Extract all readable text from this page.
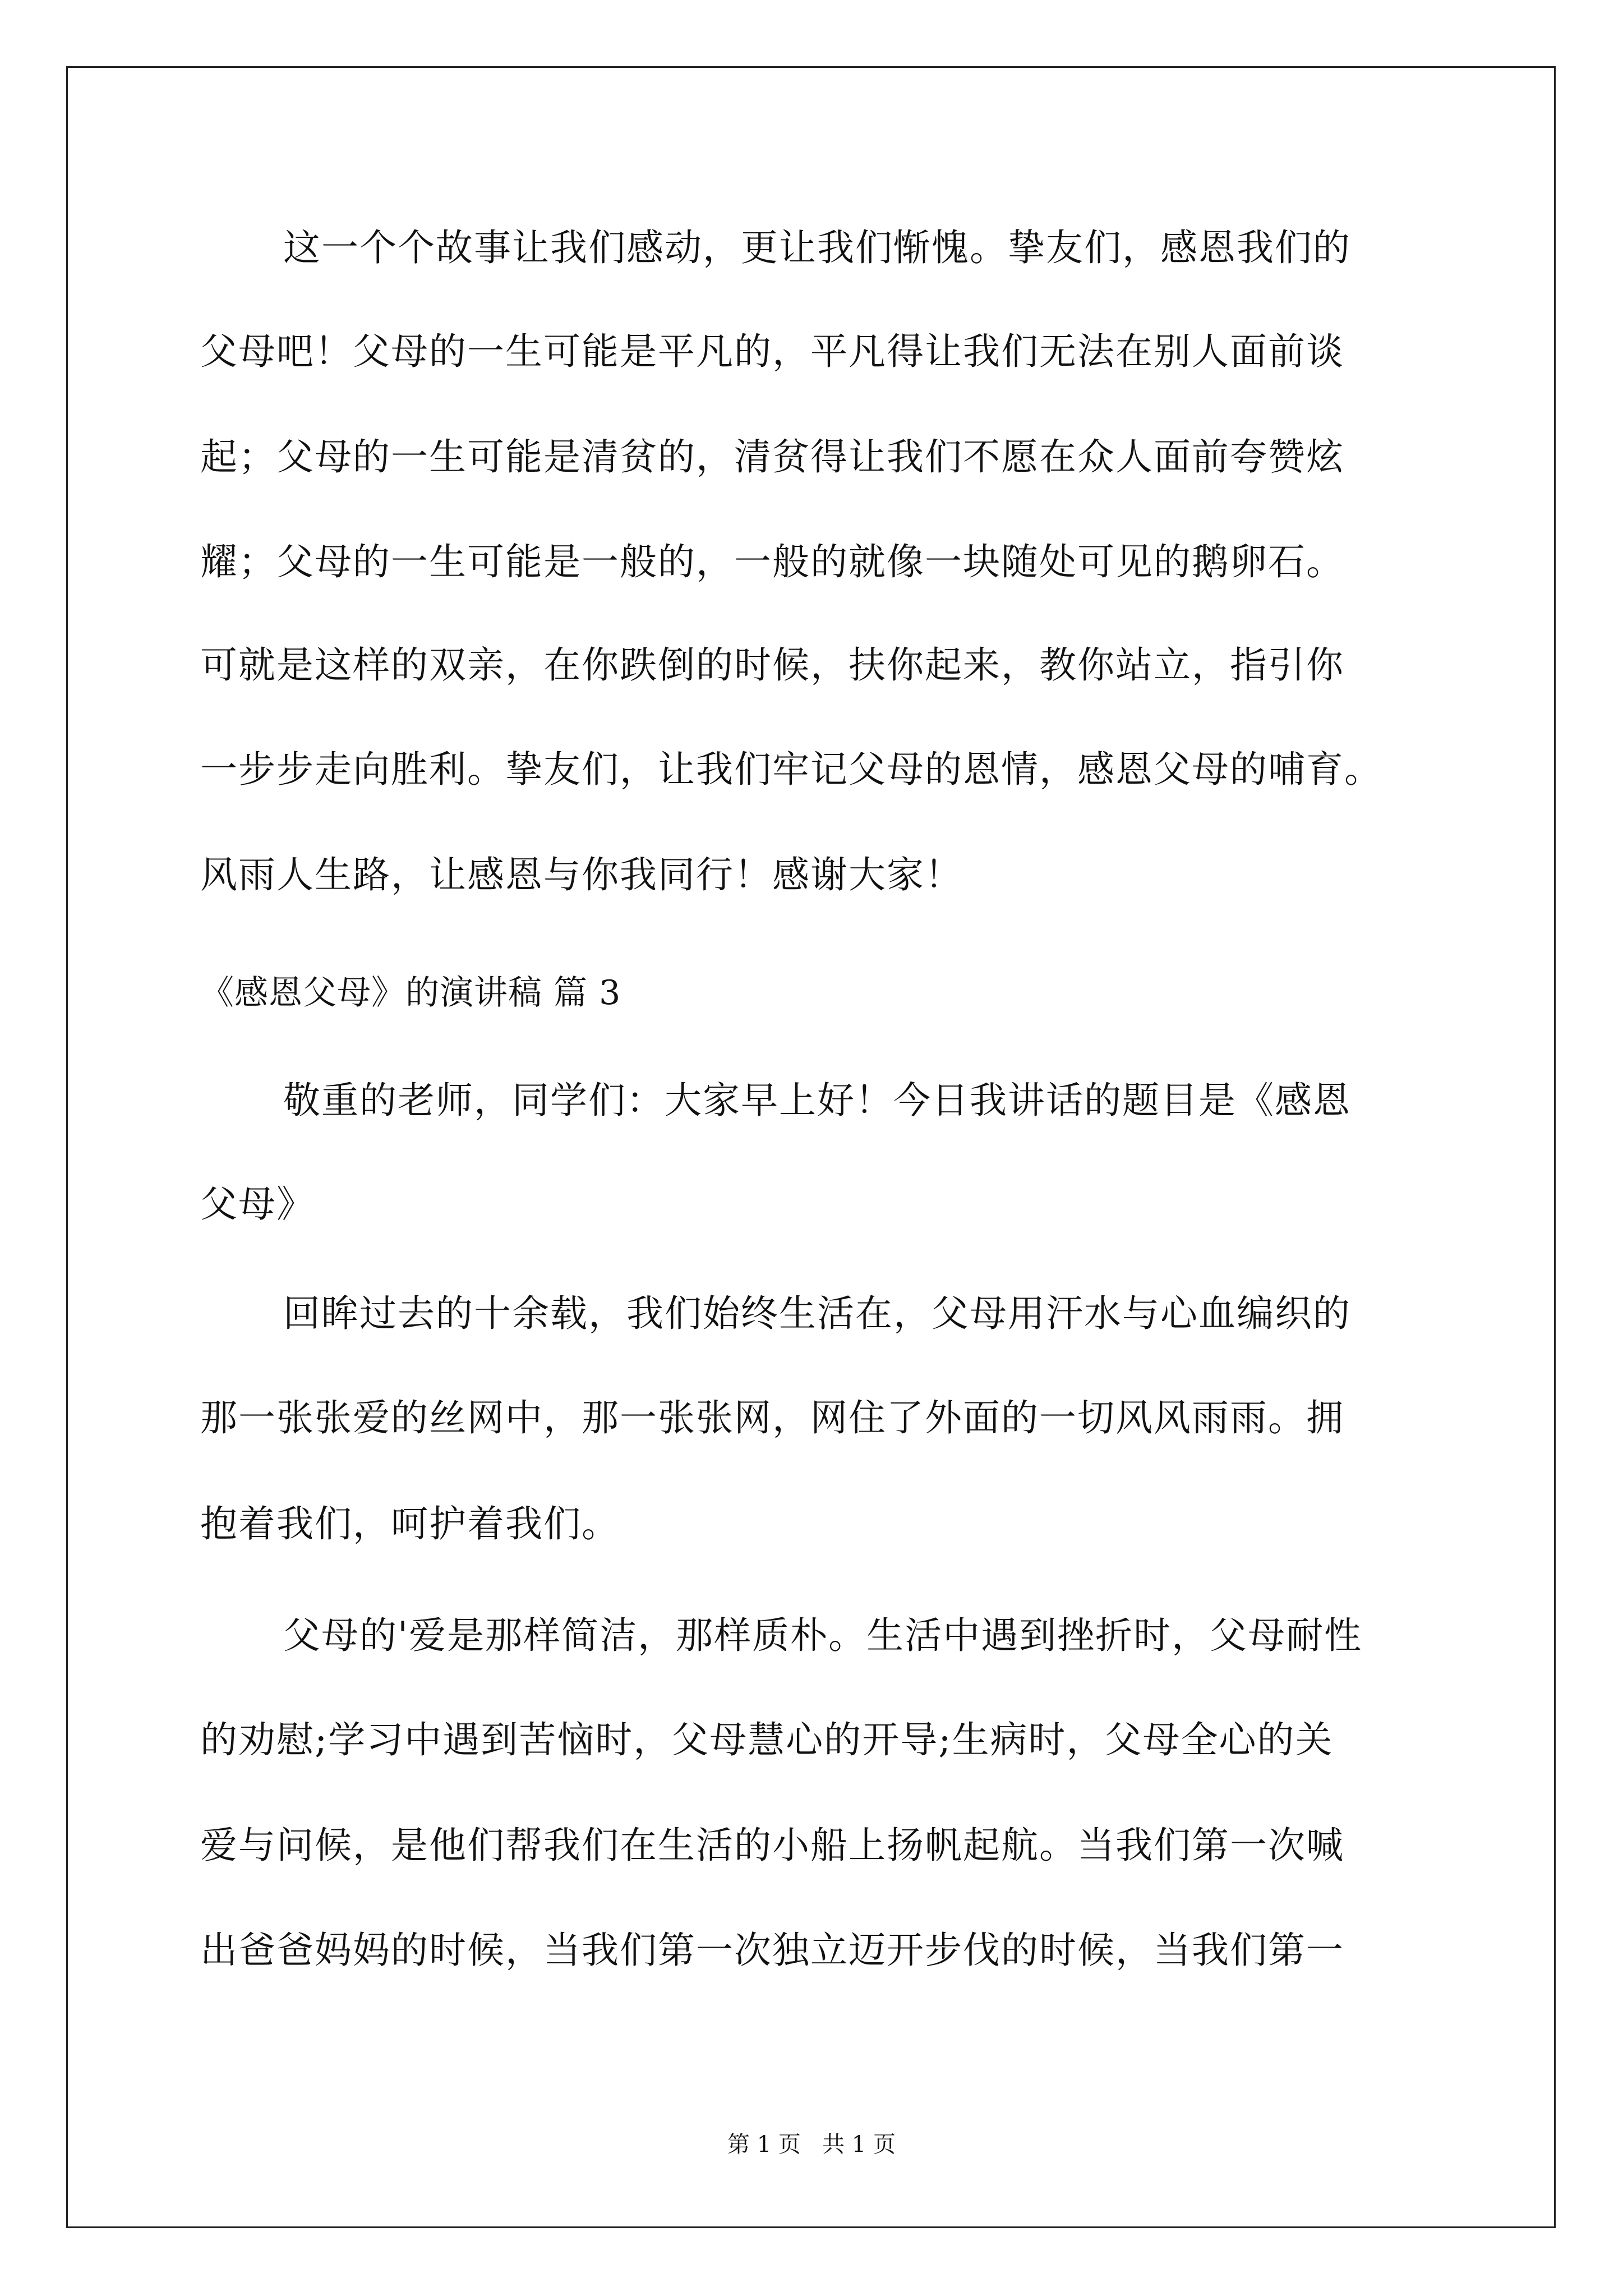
这一个个故事让我们感动，更让我们惭愧。挚友们，感恩我们的
父母吧！父母的一生可能是平凡的，平凡得让我们无法在别人面前谈
起；父母的一生可能是清贫的，清贫得让我们不愿在众人面前夸赞炫
耀；父母的一生可能是一般的，一般的就像一块随处可见的鹅卵石。
可就是这样的双亲，在你跌倒的时候，扶你起来，教你站立，指引你
一步步走向胜利。挚友们，让我们牢记父母的恩情，感恩父母的哺育。
风雨人生路，让感恩与你我同行！感谢大家！
《感恩父母》的演讲稿 篇 3
敬重的老师，同学们：大家早上好！今日我讲话的题目是《感恩
父母》
回眸过去的十余载，我们始终生活在，父母用汗水与心血编织的
那一张张爱的丝网中，那一张张网，网住了外面的一切风风雨雨。拥
抱着我们，呵护着我们。
父母的'爱是那样简洁，那样质朴。生活中遇到挫折时，父母耐性
的劝慰;学习中遇到苦恼时，父母慧心的开导;生病时，父母全心的关
爱与问候，是他们帮我们在生活的小船上扬帆起航。当我们第一次喊
出爸爸妈妈的时候，当我们第一次独立迈开步伐的时候，当我们第一
第 1 页   共 1 页
